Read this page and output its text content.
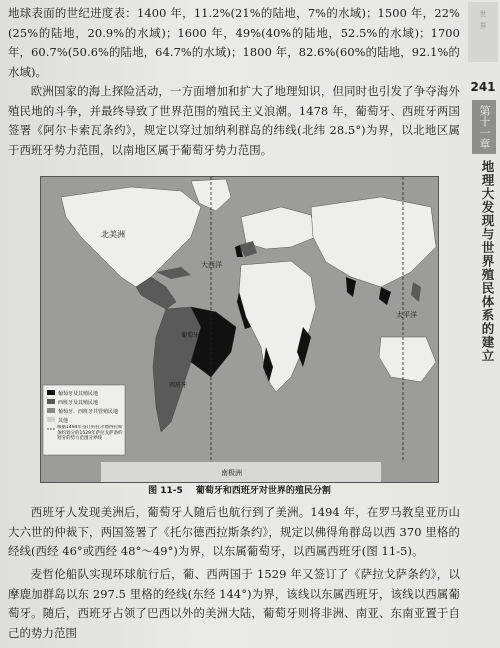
世
界
241
第十一章
地理大发现与世界殖民体系的建立

地球表面的世纪进度表：1400 年，11.2%(21%的陆地，7%的水域)；1500 年，22%(25%的陆地，20.9%的水域)；1600 年，49%(40%的陆地，52.5%的水域)；1700 年，60.7%(50.6%的陆地，64.7%的水域)；1800 年，82.6%(60%的陆地，92.1%的水域)。

欧洲国家的海上探险活动，一方面增加和扩大了地理知识，但同时也引发了争夺海外殖民地的斗争，并最终导致了世界范围的殖民主义浪潮。1478 年，葡萄牙、西班牙两国签署《阿尔卡索瓦条约》，规定以穿过加纳利群岛的纬线(北纬 28.5°)为界，以北地区属于西班牙势力范围，以南地区属于葡萄牙势力范围。

北美洲
大西洋
葡萄牙
西班牙
太平洋
南极洲
葡萄牙及其殖民地
西班牙及其殖民地
葡萄牙、西班牙共管殖民地
其他
根据1494年签订的托尔德西拉斯条约划分的1529年萨拉戈萨条约划分的势力范围分界线
图 11-5 葡萄牙和西班牙对世界的殖民分割

西班牙人发现美洲后，葡萄牙人随后也航行到了美洲。1494 年，在罗马教皇亚历山大六世的仲裁下，两国签署了《托尔德西拉斯条约》，规定以佛得角群岛以西 370 里格的经线(西经 46°或西经 48°～49°)为界，以东属葡萄牙，以西属西班牙(图 11-5)。

麦哲伦船队实现环球航行后，葡、西两国于 1529 年又签订了《萨拉戈萨条约》，以摩鹿加群岛以东 297.5 里格的经线(东经 144°)为界，该线以东属西班牙，该线以西属葡萄牙。随后，西班牙占领了巴西以外的美洲大陆，葡萄牙则将非洲、南亚、东南亚置于自己的势力范围
